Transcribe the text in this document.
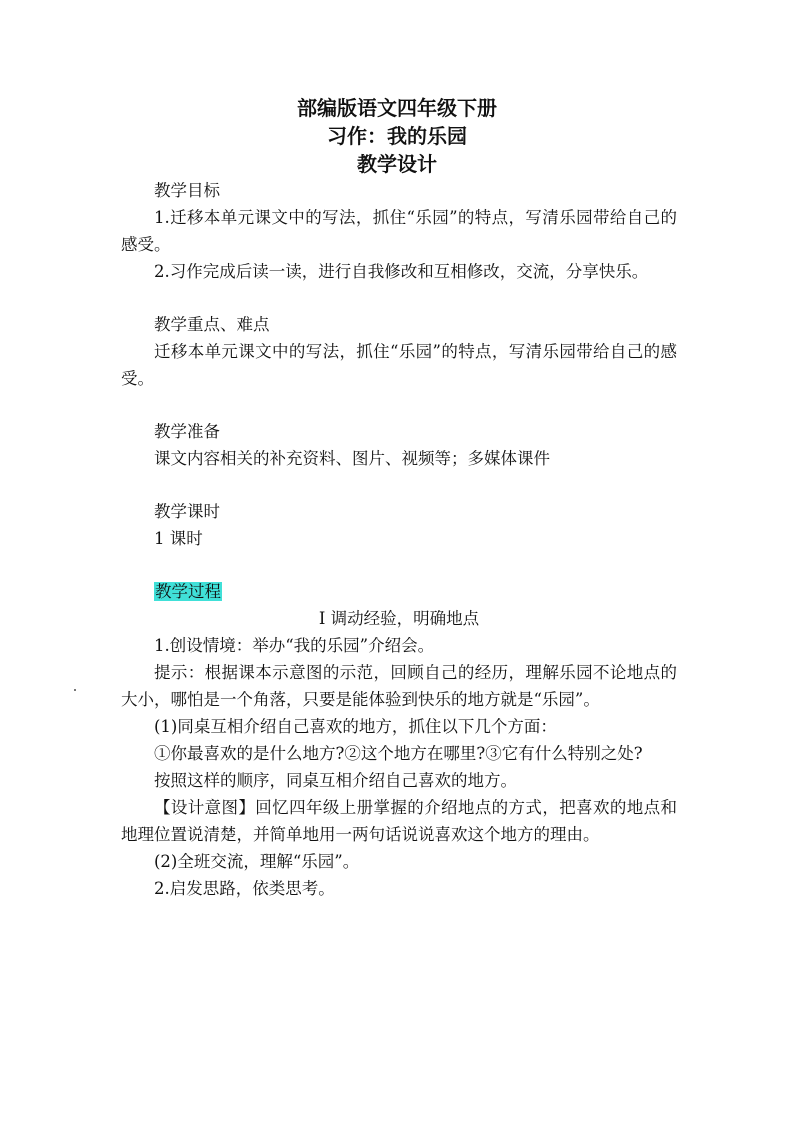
部编版语文四年级下册
习作：我的乐园
教学设计

教学目标

1.迁移本单元课文中的写法，抓住“乐园”的特点，写清乐园带给自己的感受。

2.习作完成后读一读，进行自我修改和互相修改，交流，分享快乐。

教学重点、难点

迁移本单元课文中的写法，抓住“乐园”的特点，写清乐园带给自己的感受。

教学准备

课文内容相关的补充资料、图片、视频等；多媒体课件

教学课时

1 课时

教学过程

Ⅰ 调动经验，明确地点

1.创设情境：举办“我的乐园”介绍会。

提示：根据课本示意图的示范，回顾自己的经历，理解乐园不论地点的大小，哪怕是一个角落，只要是能体验到快乐的地方就是“乐园”。

(1)同桌互相介绍自己喜欢的地方，抓住以下几个方面：

①你最喜欢的是什么地方?②这个地方在哪里?③它有什么特别之处?

按照这样的顺序，同桌互相介绍自己喜欢的地方。

【设计意图】回忆四年级上册掌握的介绍地点的方式，把喜欢的地点和地理位置说清楚，并简单地用一两句话说说喜欢这个地方的理由。

(2)全班交流，理解“乐园”。

2.启发思路，依类思考。
